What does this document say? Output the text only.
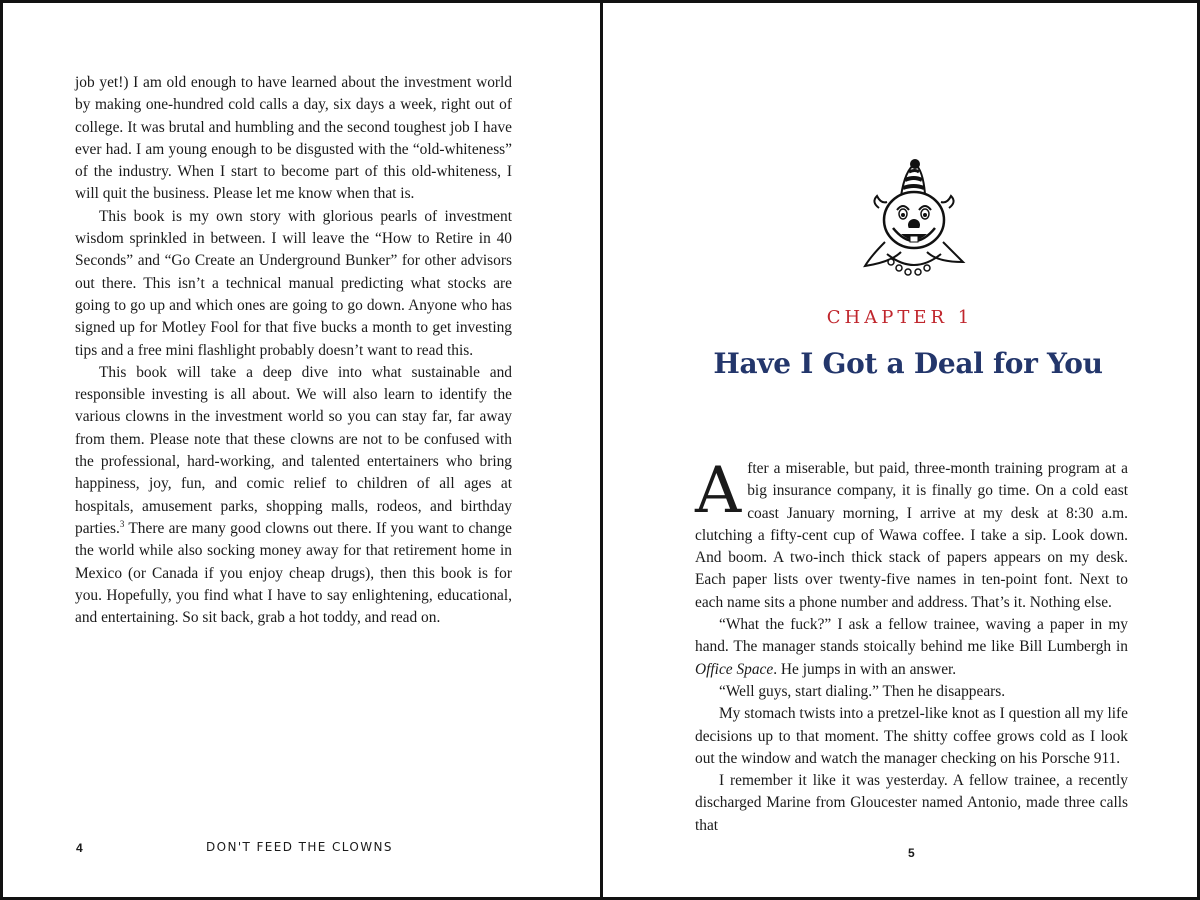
job yet!) I am old enough to have learned about the investment world by making one-hundred cold calls a day, six days a week, right out of college. It was brutal and humbling and the second toughest job I have ever had. I am young enough to be disgusted with the “old-whiteness” of the industry. When I start to become part of this old-whiteness, I will quit the business. Please let me know when that is.

This book is my own story with glorious pearls of investment wisdom sprinkled in between. I will leave the “How to Retire in 40 Seconds” and “Go Create an Underground Bunker” for other advisors out there. This isn’t a technical manual predicting what stocks are going to go up and which ones are going to go down. Anyone who has signed up for Motley Fool for that five bucks a month to get investing tips and a free mini flashlight probably doesn’t want to read this.

This book will take a deep dive into what sustainable and responsible investing is all about. We will also learn to identify the various clowns in the investment world so you can stay far, far away from them. Please note that these clowns are not to be confused with the professional, hard-working, and talented entertainers who bring happiness, joy, fun, and comic relief to children of all ages at hospitals, amusement parks, shopping malls, rodeos, and birthday parties.$^3$ There are many good clowns out there. If you want to change the world while also socking money away for that retirement home in Mexico (or Canada if you enjoy cheap drugs), then this book is for you. Hopefully, you find what I have to say enlightening, educational, and entertaining. So sit back, grab a hot toddy, and read on.

4	DON'T FEED THE CLOWNS
CHAPTER 1
Have I Got a Deal for You

After a miserable, but paid, three-month training program at a big insurance company, it is finally go time. On a cold east coast January morning, I arrive at my desk at 8:30 a.m. clutching a fifty-cent cup of Wawa coffee. I take a sip. Look down. And boom. A two-inch thick stack of papers appears on my desk. Each paper lists over twenty-five names in ten-point font. Next to each name sits a phone number and address. That’s it. Nothing else.

“What the fuck?” I ask a fellow trainee, waving a paper in my hand. The manager stands stoically behind me like Bill Lumbergh in Office Space. He jumps in with an answer.

“Well guys, start dialing.” Then he disappears.

My stomach twists into a pretzel-like knot as I question all my life decisions up to that moment. The shitty coffee grows cold as I look out the window and watch the manager checking on his Porsche 911.

I remember it like it was yesterday. A fellow trainee, a recently discharged Marine from Gloucester named Antonio, made three calls that

5
